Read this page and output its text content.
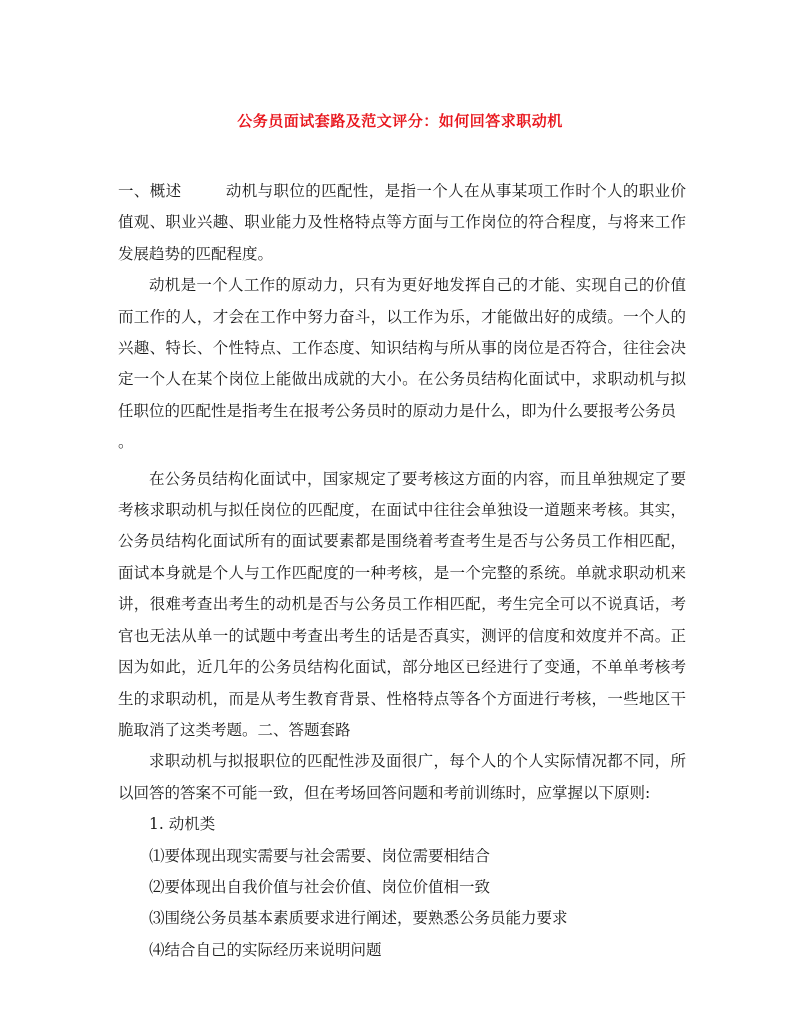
公务员面试套路及范文评分：如何回答求职动机

一、概述	动机与职位的匹配性，是指一个人在从事某项工作时个人的职业价值观、职业兴趣、职业能力及性格特点等方面与工作岗位的符合程度，与将来工作发展趋势的匹配程度。

动机是一个人工作的原动力，只有为更好地发挥自己的才能、实现自己的价值而工作的人，才会在工作中努力奋斗，以工作为乐，才能做出好的成绩。一个人的兴趣、特长、个性特点、工作态度、知识结构与所从事的岗位是否符合，往往会决定一个人在某个岗位上能做出成就的大小。在公务员结构化面试中，求职动机与拟任职位的匹配性是指考生在报考公务员时的原动力是什么，即为什么要报考公务员

。

在公务员结构化面试中，国家规定了要考核这方面的内容，而且单独规定了要考核求职动机与拟任岗位的匹配度，在面试中往往会单独设一道题来考核。其实，公务员结构化面试所有的面试要素都是围绕着考查考生是否与公务员工作相匹配，面试本身就是个人与工作匹配度的一种考核，是一个完整的系统。单就求职动机来讲，很难考查出考生的动机是否与公务员工作相匹配，考生完全可以不说真话，考官也无法从单一的试题中考查出考生的话是否真实，测评的信度和效度并不高。正因为如此，近几年的公务员结构化面试，部分地区已经进行了变通，不单单考核考生的求职动机，而是从考生教育背景、性格特点等各个方面进行考核，一些地区干脆取消了这类考题。二、答题套路

求职动机与拟报职位的匹配性涉及面很广，每个人的个人实际情况都不同，所以回答的答案不可能一致，但在考场回答问题和考前训练时，应掌握以下原则:

1. 动机类

⑴要体现出现实需要与社会需要、岗位需要相结合

⑵要体现出自我价值与社会价值、岗位价值相一致

⑶围绕公务员基本素质要求进行阐述，要熟悉公务员能力要求

⑷结合自己的实际经历来说明问题
